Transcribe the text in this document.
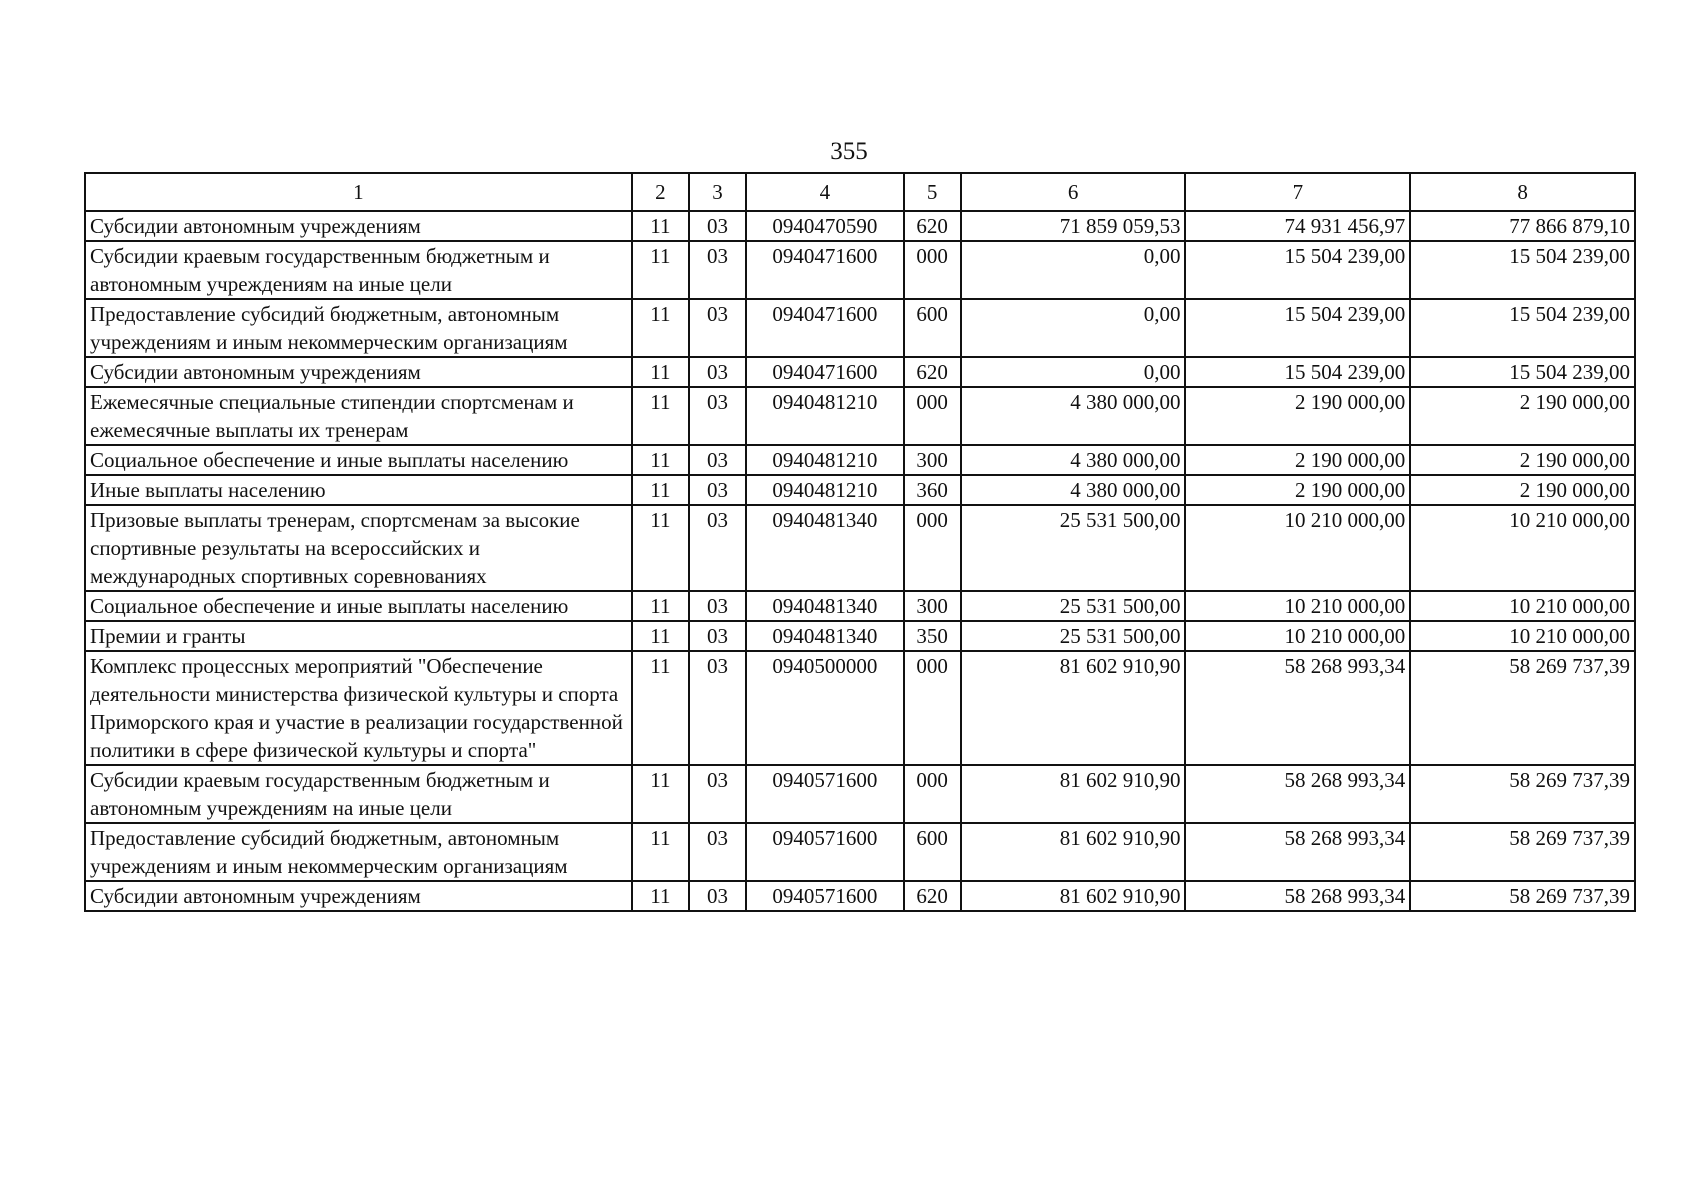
355
1	2	3	4	5	6	7	8
Субсидии автономным учреждениям	11	03	0940470590	620	71 859 059,53	74 931 456,97	77 866 879,10
Субсидии краевым государственным бюджетным и автономным учреждениям на иные цели	11	03	0940471600	000	0,00	15 504 239,00	15 504 239,00
Предоставление субсидий бюджетным, автономным учреждениям и иным некоммерческим организациям	11	03	0940471600	600	0,00	15 504 239,00	15 504 239,00
Субсидии автономным учреждениям	11	03	0940471600	620	0,00	15 504 239,00	15 504 239,00
Ежемесячные специальные стипендии спортсменам и ежемесячные выплаты их тренерам	11	03	0940481210	000	4 380 000,00	2 190 000,00	2 190 000,00
Социальное обеспечение и иные выплаты населению	11	03	0940481210	300	4 380 000,00	2 190 000,00	2 190 000,00
Иные выплаты населению	11	03	0940481210	360	4 380 000,00	2 190 000,00	2 190 000,00
Призовые выплаты тренерам, спортсменам за высокие спортивные результаты на всероссийских и международных спортивных соревнованиях	11	03	0940481340	000	25 531 500,00	10 210 000,00	10 210 000,00
Социальное обеспечение и иные выплаты населению	11	03	0940481340	300	25 531 500,00	10 210 000,00	10 210 000,00
Премии и гранты	11	03	0940481340	350	25 531 500,00	10 210 000,00	10 210 000,00
Комплекс процессных мероприятий "Обеспечение деятельности министерства физической культуры и спорта Приморского края и участие в реализации государственной политики в сфере физической культуры и спорта"	11	03	0940500000	000	81 602 910,90	58 268 993,34	58 269 737,39
Субсидии краевым государственным бюджетным и автономным учреждениям на иные цели	11	03	0940571600	000	81 602 910,90	58 268 993,34	58 269 737,39
Предоставление субсидий бюджетным, автономным учреждениям и иным некоммерческим организациям	11	03	0940571600	600	81 602 910,90	58 268 993,34	58 269 737,39
Субсидии автономным учреждениям	11	03	0940571600	620	81 602 910,90	58 268 993,34	58 269 737,39
